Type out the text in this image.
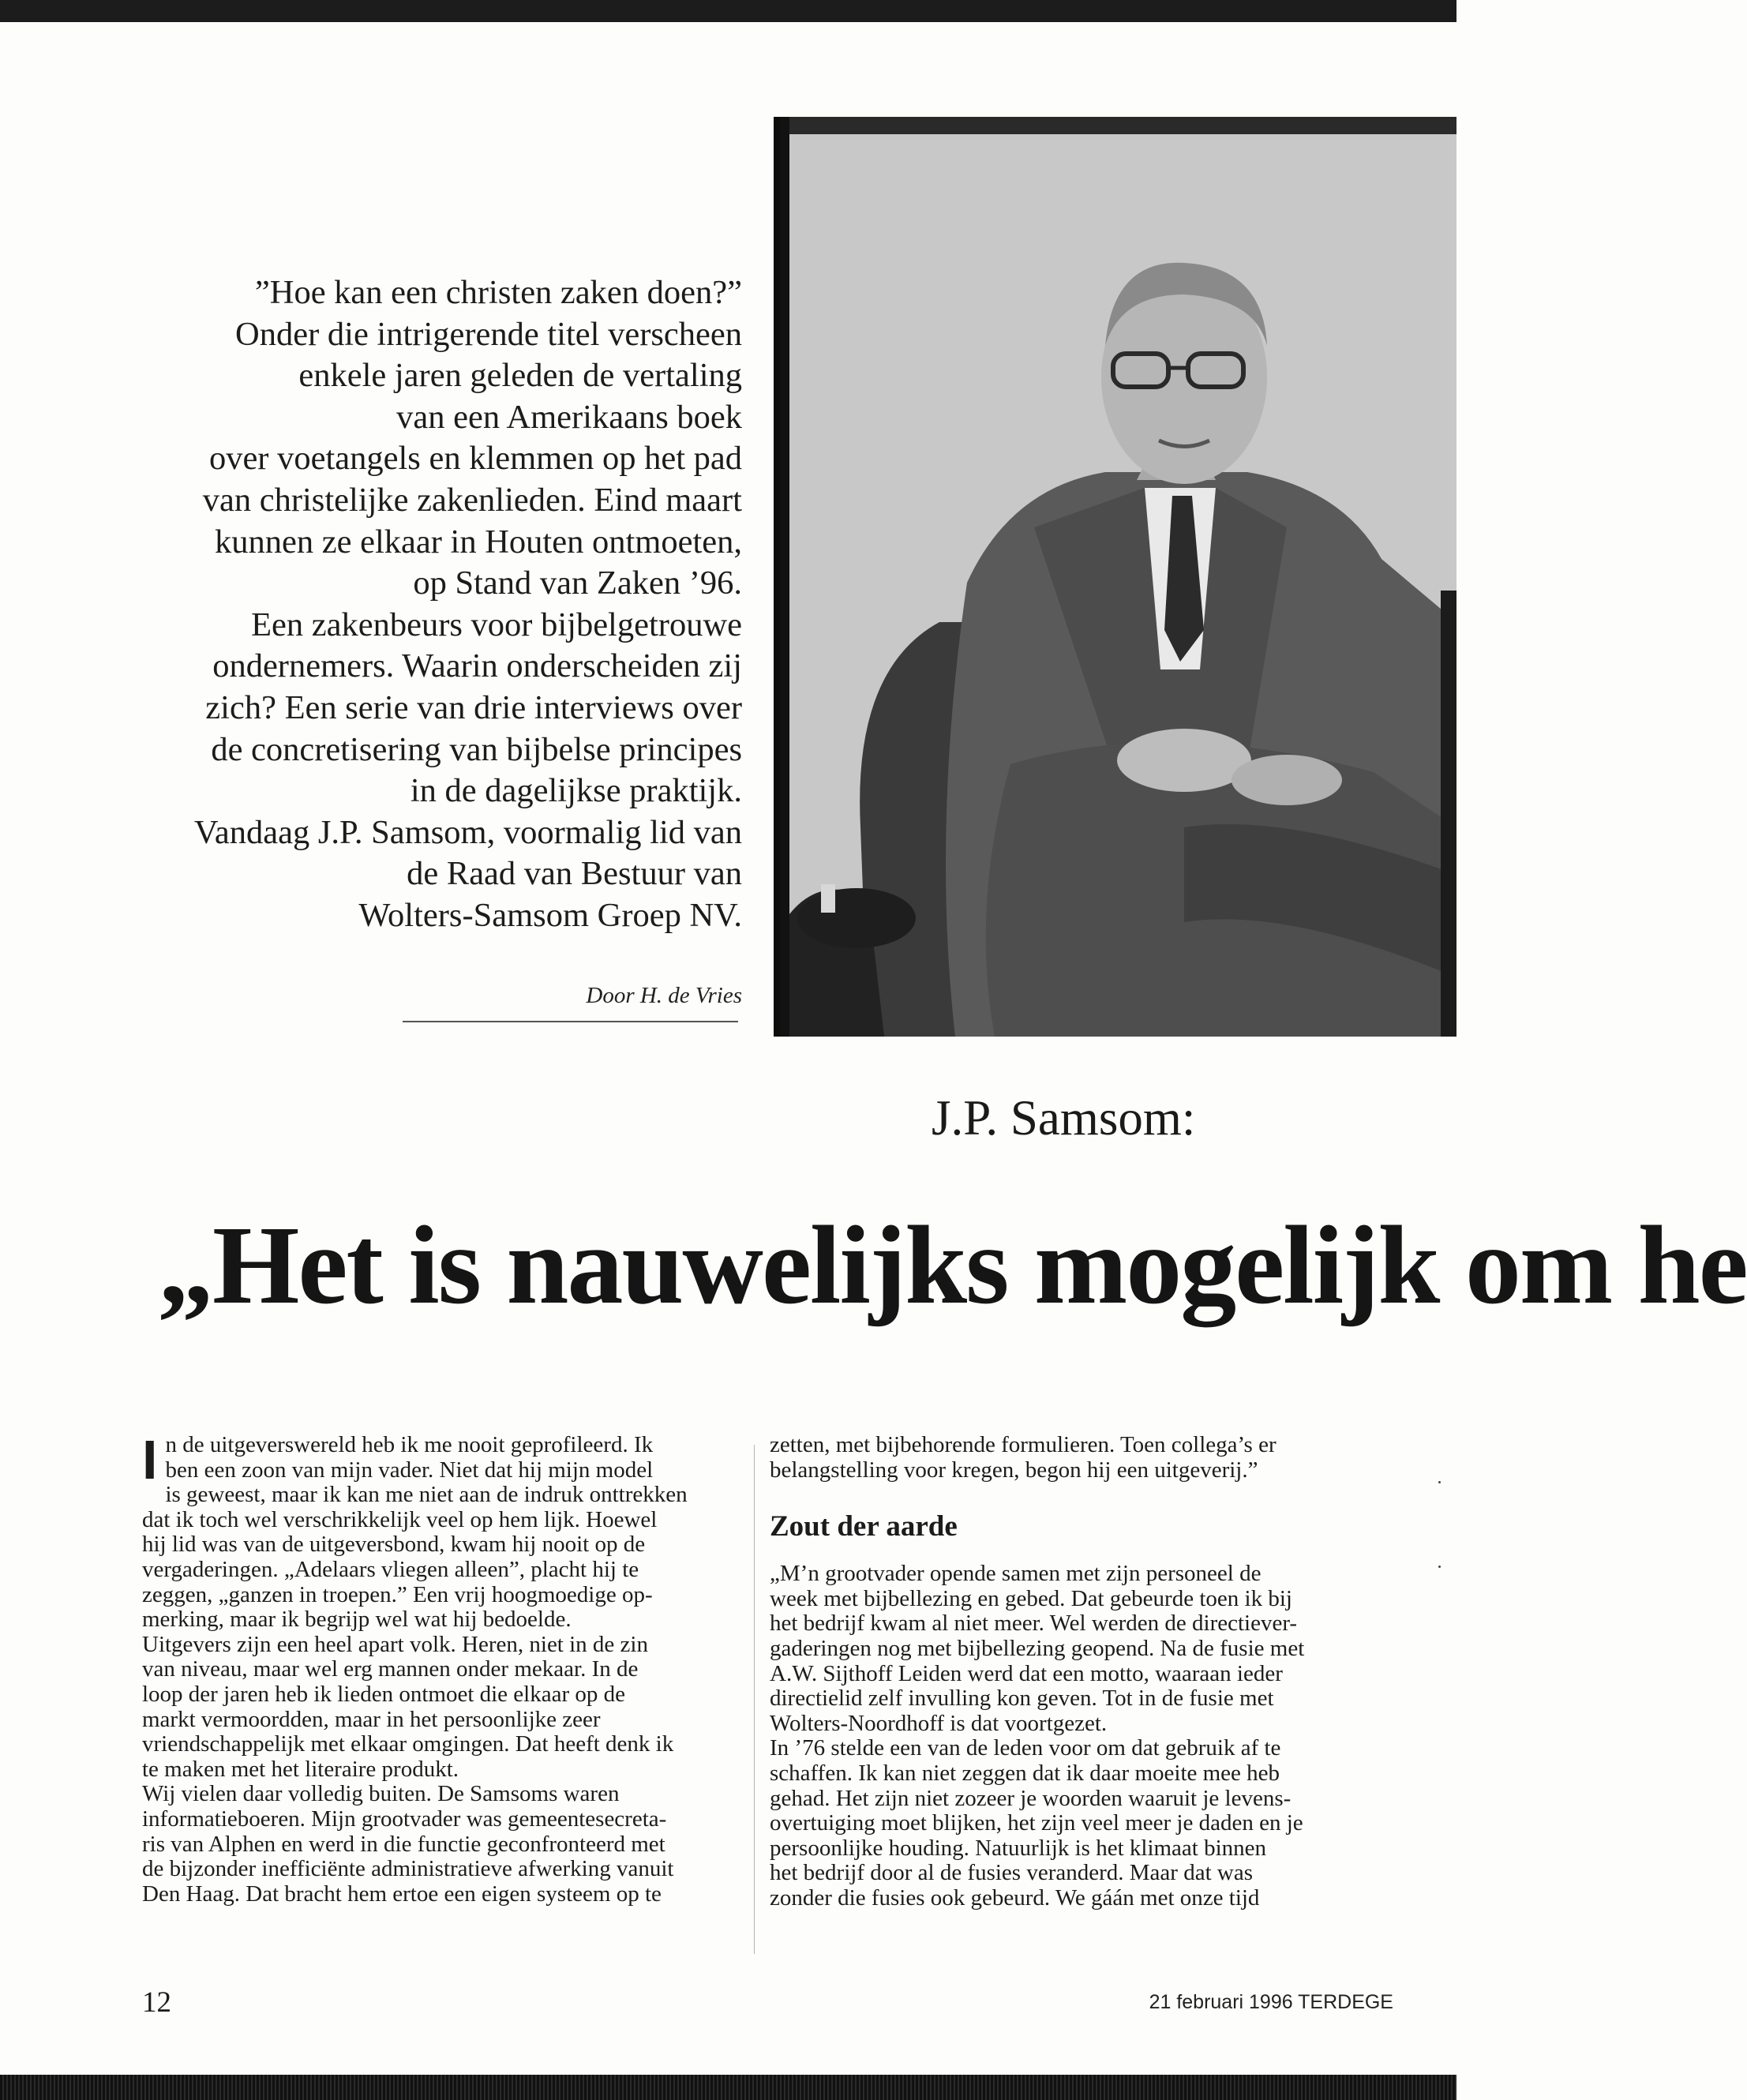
”Hoe kan een christen zaken doen?”

Onder die intrigerende titel verscheen

enkele jaren geleden de vertaling

van een Amerikaans boek

over voetangels en klemmen op het pad

van christelijke zakenlieden. Eind maart

kunnen ze elkaar in Houten ontmoeten,

op Stand van Zaken ’96.

Een zakenbeurs voor bijbelgetrouwe

ondernemers. Waarin onderscheiden zij

zich? Een serie van drie interviews over

de concretisering van bijbelse principes

in de dagelijkse praktijk.

Vandaag J.P. Samsom, voormalig lid van

de Raad van Bestuur van

Wolters-Samsom Groep NV.

Door H. de Vries
J.P. Samsom:
„Het is nauwelijks mogelijk om he
I n de uitgeverswereld heb ik me nooit geprofileerd. Ik

ben een zoon van mijn vader. Niet dat hij mijn model

is geweest, maar ik kan me niet aan de indruk onttrekken

dat ik toch wel verschrikkelijk veel op hem lijk. Hoewel

hij lid was van de uitgeversbond, kwam hij nooit op de

vergaderingen. „Adelaars vliegen alleen”, placht hij te

zeggen, „ganzen in troepen.” Een vrij hoogmoedige op-

merking, maar ik begrijp wel wat hij bedoelde.

Uitgevers zijn een heel apart volk. Heren, niet in de zin

van niveau, maar wel erg mannen onder mekaar. In de

loop der jaren heb ik lieden ontmoet die elkaar op de

markt vermoordden, maar in het persoonlijke zeer

vriendschappelijk met elkaar omgingen. Dat heeft denk ik

te maken met het literaire produkt.

Wij vielen daar volledig buiten. De Samsoms waren

informatieboeren. Mijn grootvader was gemeentesecreta-

ris van Alphen en werd in die functie geconfronteerd met

de bijzonder inefficiënte administratieve afwerking vanuit

Den Haag. Dat bracht hem ertoe een eigen systeem op te

zetten, met bijbehorende formulieren. Toen collega’s er

belangstelling voor kregen, begon hij een uitgeverij.”

Zout der aarde

„M’n grootvader opende samen met zijn personeel de

week met bijbellezing en gebed. Dat gebeurde toen ik bij

het bedrijf kwam al niet meer. Wel werden de directiever-

gaderingen nog met bijbellezing geopend. Na de fusie met

A.W. Sijthoff Leiden werd dat een motto, waaraan ieder

directielid zelf invulling kon geven. Tot in de fusie met

Wolters-Noordhoff is dat voortgezet.

In ’76 stelde een van de leden voor om dat gebruik af te

schaffen. Ik kan niet zeggen dat ik daar moeite mee heb

gehad. Het zijn niet zozeer je woorden waaruit je levens-

overtuiging moet blijken, het zijn veel meer je daden en je

persoonlijke houding. Natuurlijk is het klimaat binnen

het bedrijf door al de fusies veranderd. Maar dat was

zonder die fusies ook gebeurd. We gáán met onze tijd

12	21 februari 1996 TERDEGE
